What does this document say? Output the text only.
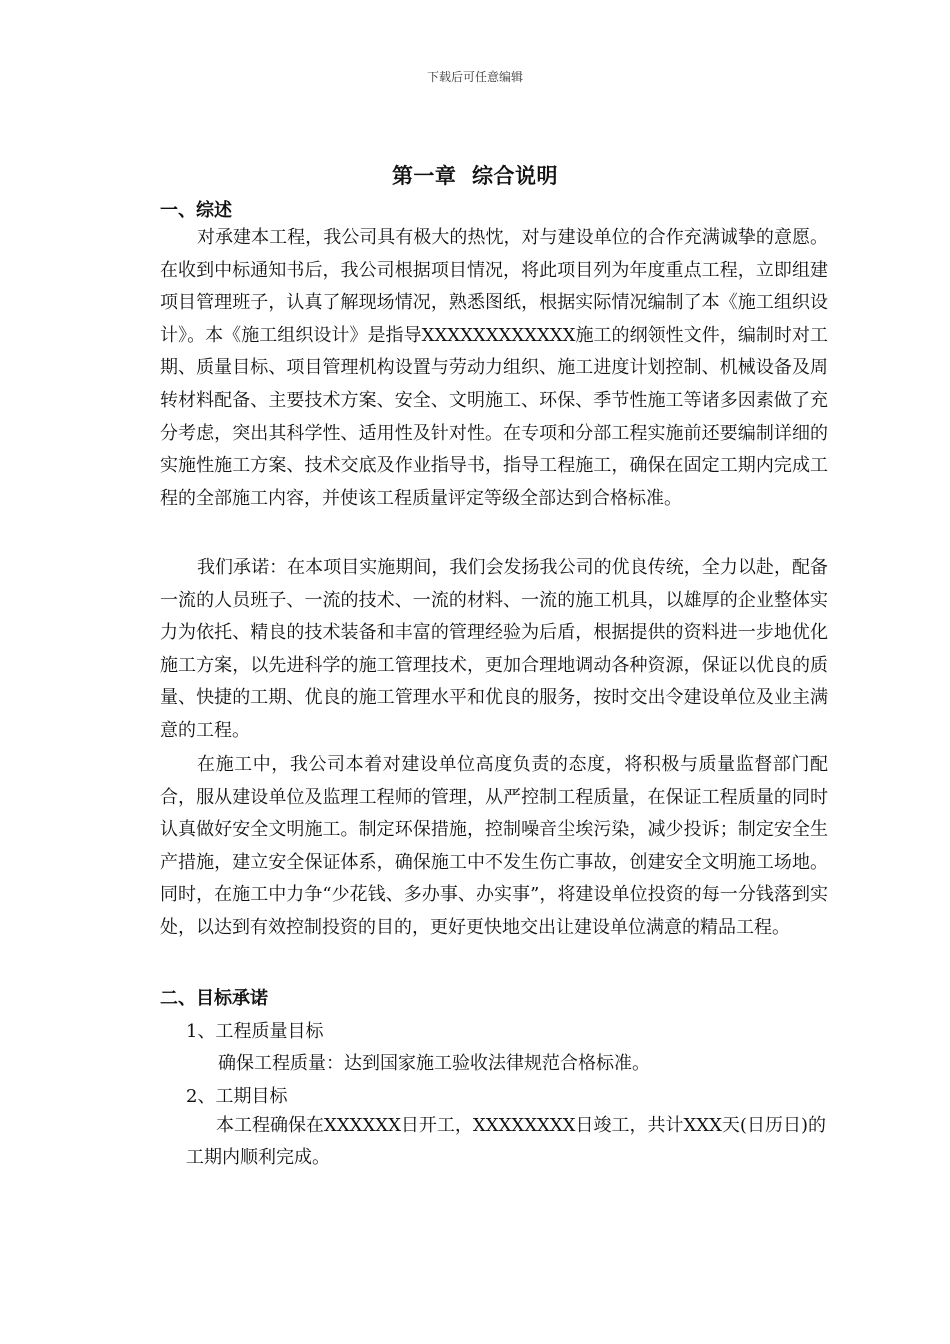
下载后可任意编辑
第一章  综合说明
一、综述

对承建本工程，我公司具有极大的热忱，对与建设单位的合作充满诚挚的意愿。在收到中标通知书后，我公司根据项目情况，将此项目列为年度重点工程，立即组建项目管理班子，认真了解现场情况，熟悉图纸，根据实际情况编制了本《施工组织设计》。本《施工组织设计》是指导XXXXXXXXXXXX施工的纲领性文件，编制时对工期、质量目标、项目管理机构设置与劳动力组织、施工进度计划控制、机械设备及周转材料配备、主要技术方案、安全、文明施工、环保、季节性施工等诸多因素做了充分考虑，突出其科学性、适用性及针对性。在专项和分部工程实施前还要编制详细的实施性施工方案、技术交底及作业指导书，指导工程施工，确保在固定工期内完成工程的全部施工内容，并使该工程质量评定等级全部达到合格标准。

我们承诺：在本项目实施期间，我们会发扬我公司的优良传统，全力以赴，配备一流的人员班子、一流的技术、一流的材料、一流的施工机具，以雄厚的企业整体实力为依托、精良的技术装备和丰富的管理经验为后盾，根据提供的资料进一步地优化施工方案，以先进科学的施工管理技术，更加合理地调动各种资源，保证以优良的质量、快捷的工期、优良的施工管理水平和优良的服务，按时交出令建设单位及业主满意的工程。

在施工中，我公司本着对建设单位高度负责的态度，将积极与质量监督部门配合，服从建设单位及监理工程师的管理，从严控制工程质量，在保证工程质量的同时认真做好安全文明施工。制定环保措施，控制噪音尘埃污染，减少投诉；制定安全生产措施，建立安全保证体系，确保施工中不发生伤亡事故，创建安全文明施工场地。同时，在施工中力争“少花钱、多办事、办实事”，将建设单位投资的每一分钱落到实处，以达到有效控制投资的目的，更好更快地交出让建设单位满意的精品工程。

二、目标承诺
1、工程质量目标
确保工程质量：达到国家施工验收法律规范合格标准。
2、工期目标

本工程确保在XXXXXX日开工，XXXXXXXX日竣工，共计XXX天(日历日)的工期内顺利完成。
